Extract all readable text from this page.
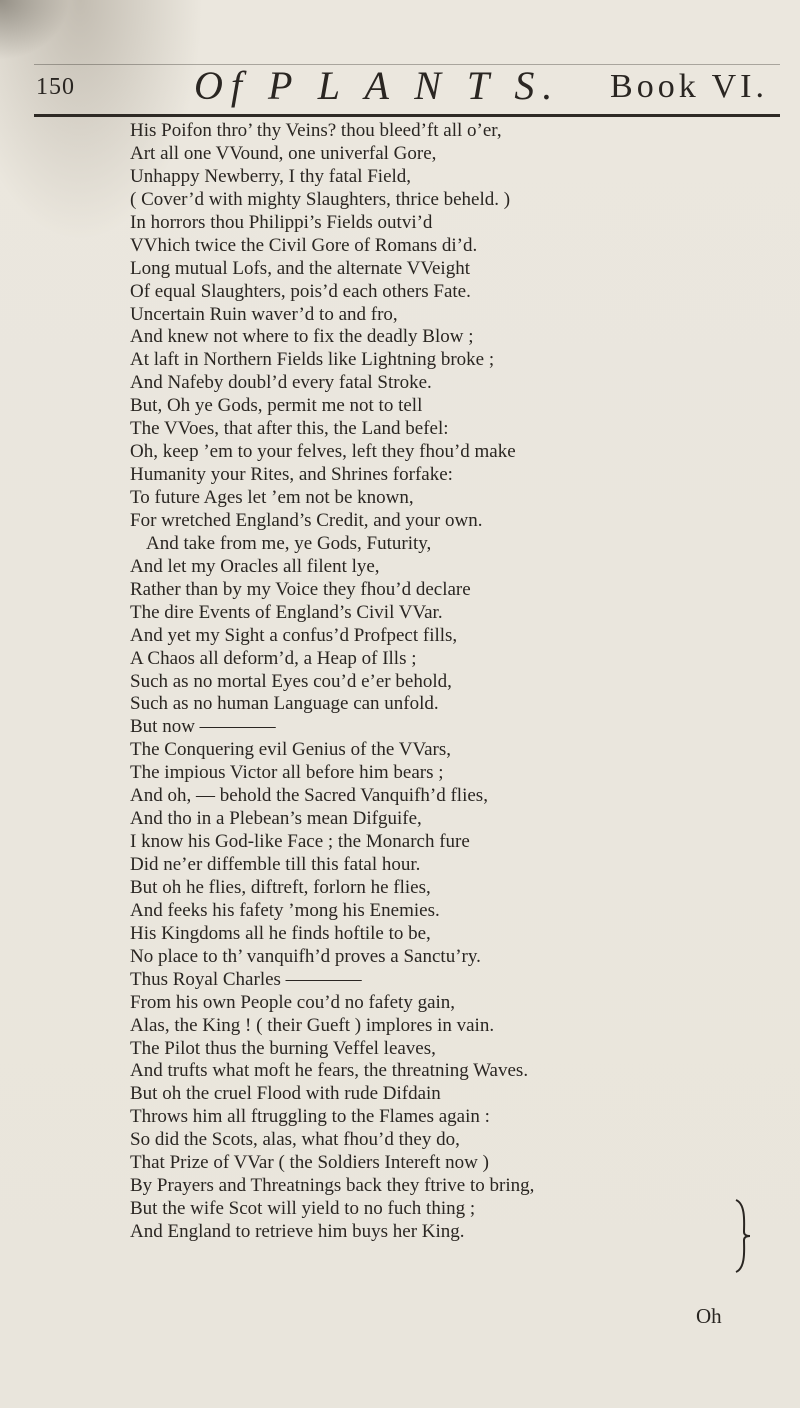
150	Of P L A N T S. Book VI.
His Poifon thro’ thy Veins? thou bleed’ft all o’er,
Art all one VVound, one univerfal Gore,
Unhappy Newberry, I thy fatal Field,
( Cover’d with mighty Slaughters, thrice beheld. )
In horrors thou Philippi’s Fields outvi’d
VVhich twice the Civil Gore of Romans di’d.
Long mutual Lofs, and the alternate VVeight
Of equal Slaughters, pois’d each others Fate.
Uncertain Ruin waver’d to and fro,
And knew not where to fix the deadly Blow ;
At laft in Northern Fields like Lightning broke ;
And Nafeby doubl’d every fatal Stroke.
But, Oh ye Gods, permit me not to tell
The VVoes, that after this, the Land befel:
Oh, keep ’em to your felves, left they fhou’d make
Humanity your Rites, and Shrines forfake:
To future Ages let ’em not be known,
For wretched England’s Credit, and your own.
And take from me, ye Gods, Futurity,
And let my Oracles all filent lye,
Rather than by my Voice they fhou’d declare
The dire Events of England’s Civil VVar.
And yet my Sight a confus’d Profpect fills,
A Chaos all deform’d, a Heap of Ills ;
Such as no mortal Eyes cou’d e’er behold,
Such as no human Language can unfold.
But now ————
The Conquering evil Genius of the VVars,
The impious Victor all before him bears ;
And oh, — behold the Sacred Vanquifh’d flies,
And tho in a Plebean’s mean Difguife,
I know his God-like Face ; the Monarch fure
Did ne’er diffemble till this fatal hour.
But oh he flies, diftreft, forlorn he flies,
And feeks his fafety ’mong his Enemies.
His Kingdoms all he finds hoftile to be,
No place to th’ vanquifh’d proves a Sanctu’ry.
Thus Royal Charles ————
From his own People cou’d no fafety gain,
Alas, the King ! ( their Gueft ) implores in vain.
The Pilot thus the burning Veffel leaves,
And trufts what moft he fears, the threatning Waves.
But oh the cruel Flood with rude Difdain
Throws him all ftruggling to the Flames again :
So did the Scots, alas, what fhou’d they do,
That Prize of VVar ( the Soldiers Intereft now )
By Prayers and Threatnings back they ftrive to bring,
But the wife Scot will yield to no fuch thing ;
And England to retrieve him buys her King.
Oh
